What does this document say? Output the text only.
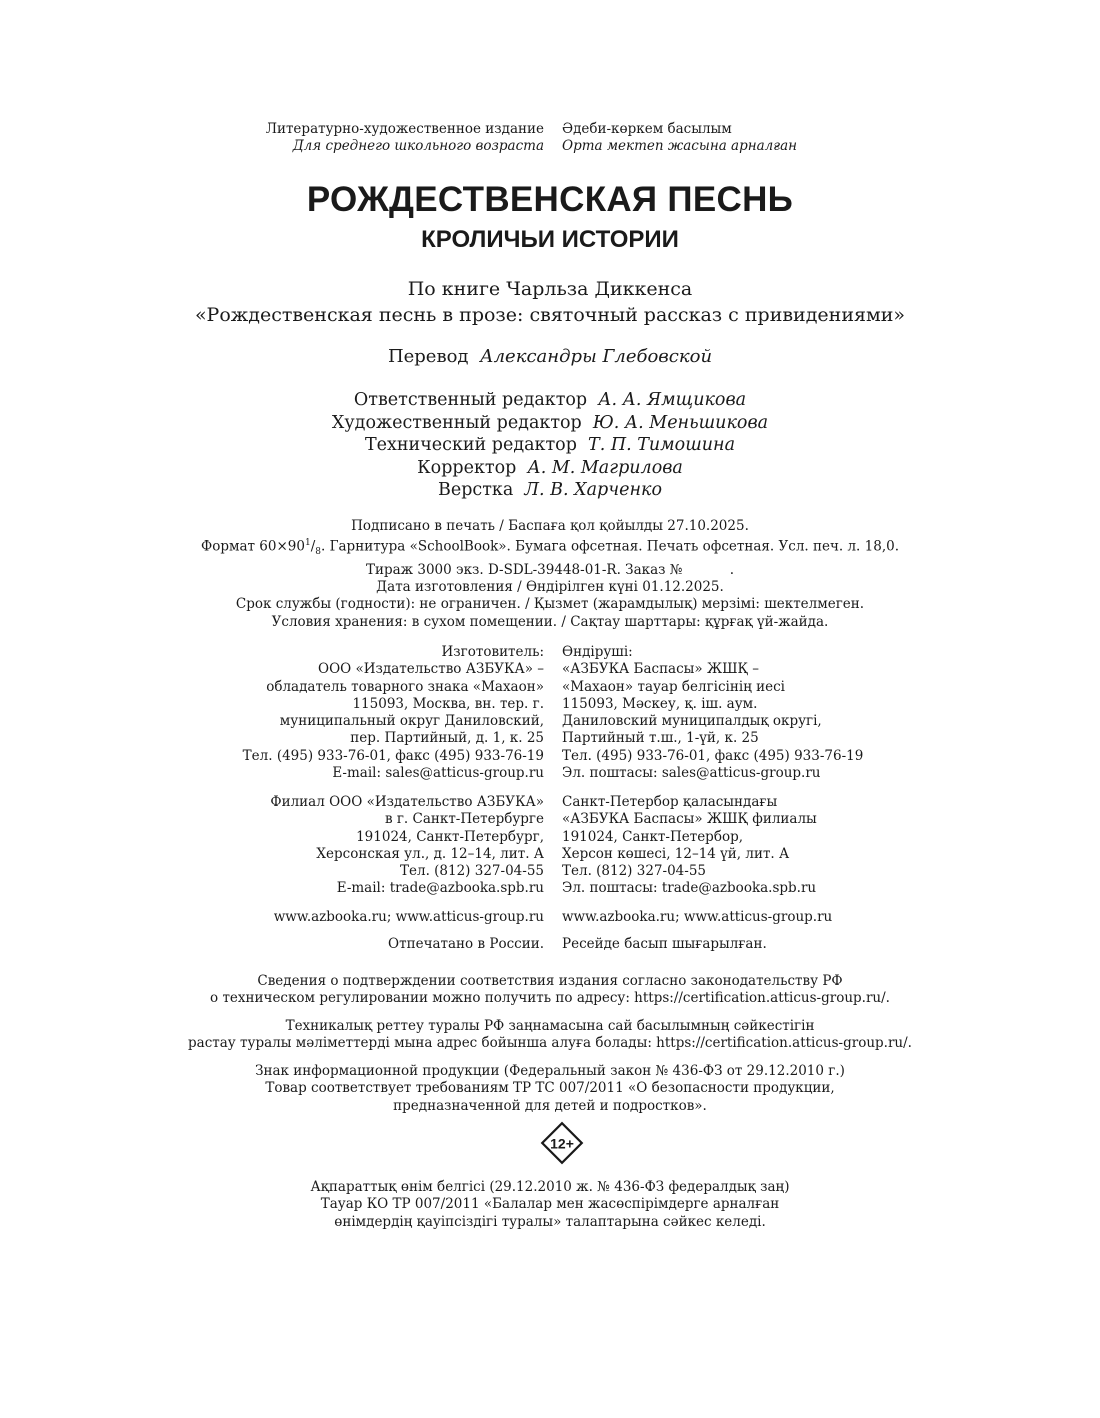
Литературно-художественное издание
Для среднего школьного возраста
Әдеби-көркем басылым
Орта мектеп жасына арналған
РОЖДЕСТВЕНСКАЯ ПЕСНЬ
КРОЛИЧЬИ ИСТОРИИ
По книге Чарльза Диккенса
«Рождественская песнь в прозе: святочный рассказ с привидениями»
Перевод Александры Глебовской
Ответственный редактор А. А. Ямщикова
Художественный редактор Ю. А. Меньшикова
Технический редактор Т. П. Тимошина
Корректор А. М. Магрилова
Верстка Л. В. Харченко
Подписано в печать / Баспаға қол қойылды 27.10.2025.
Формат $60\times 90^1/_8$. Гарнитура «SchoolBook». Бумага офсетная. Печать офсетная. Усл. печ. л. 18,0.
Тираж 3000 экз. D-SDL-39448-01-R. Заказ №           .
Дата изготовления / Өндірілген күні 01.12.2025.
Срок службы (годности): не ограничен. / Қызмет (жарамдылық) мерзімі: шектелмеген.
Условия хранения: в сухом помещении. / Сақтау шарттары: құрғақ үй-жайда.
Изготовитель:
ООО «Издательство АЗБУКА» –
обладатель товарного знака «Махаон»
115093, Москва, вн. тер. г.
муниципальный округ Даниловский,
пер. Партийный, д. 1, к. 25
Тел. (495) 933-76-01, факс (495) 933-76-19
E-mail: sales@atticus-group.ru
Өндіруші:
«АЗБУКА Баспасы» ЖШҚ –
«Махаон» тауар белгісінің иесі
115093, Мәскеу, қ. іш. аум.
Даниловский муниципалдық округі,
Партийный т.ш., 1-үй, к. 25
Тел. (495) 933-76-01, факс (495) 933-76-19
Эл. поштасы: sales@atticus-group.ru
Филиал ООО «Издательство АЗБУКА»
в г. Санкт-Петербурге
191024, Санкт-Петербург,
Херсонская ул., д. 12–14, лит. А
Тел. (812) 327-04-55
E-mail: trade@azbooka.spb.ru
Санкт-Петербор қаласындағы
«АЗБУКА Баспасы» ЖШҚ филиалы
191024, Санкт-Петербор,
Херсон көшесі, 12–14 үй, лит. А
Тел. (812) 327-04-55
Эл. поштасы: trade@azbooka.spb.ru
www.azbooka.ru; www.atticus-group.ru	www.azbooka.ru; www.atticus-group.ru
Отпечатано в России.	Ресейде басып шығарылған.
Сведения о подтверждении соответствия издания согласно законодательству РФ
о техническом регулировании можно получить по адресу: https://certification.atticus-group.ru/.
Техникалық реттеу туралы РФ заңнамасына сай басылымның сәйкестігін
растау туралы мәліметтерді мына адрес бойынша алуға болады: https://certification.atticus-group.ru/.
Знак информационной продукции (Федеральный закон № 436-ФЗ от 29.12.2010 г.)
Товар соответствует требованиям ТР ТС 007/2011 «О безопасности продукции,
предназначенной для детей и подростков».
12+
Ақпараттық өнім белгісі (29.12.2010 ж. № 436-ФЗ федералдық заң)
Тауар КО ТР 007/2011 «Балалар мен жасөспірімдерге арналған
өнімдердің қауіпсіздігі туралы» талаптарына сәйкес келеді.
